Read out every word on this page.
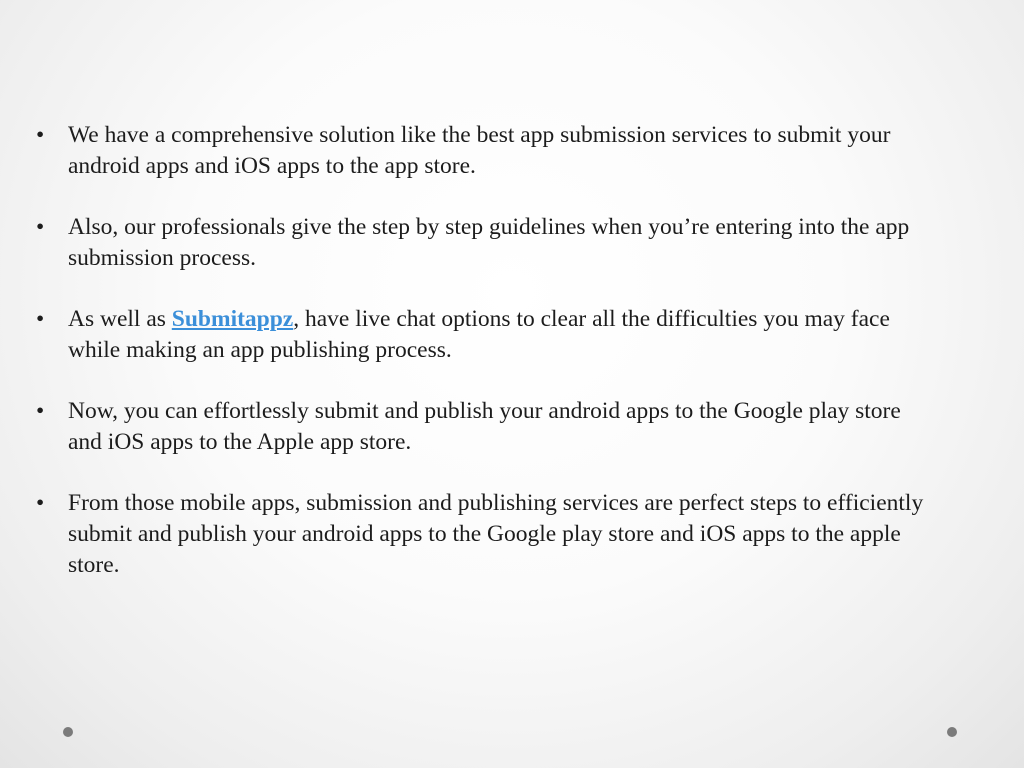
•	We have a comprehensive solution like the best app submission services to submit your android apps and iOS apps to the app store.
•	Also, our professionals give the step by step guidelines when you’re entering into the app submission process.
•	As well as Submitappz, have live chat options to clear all the difficulties you may face while making an app publishing process.
•	Now, you can effortlessly submit and publish your android apps to the Google play store and iOS apps to the Apple app store.
•	From those mobile apps, submission and publishing services are perfect steps to efficiently submit and publish your android apps to the Google play store and iOS apps to the apple store.
